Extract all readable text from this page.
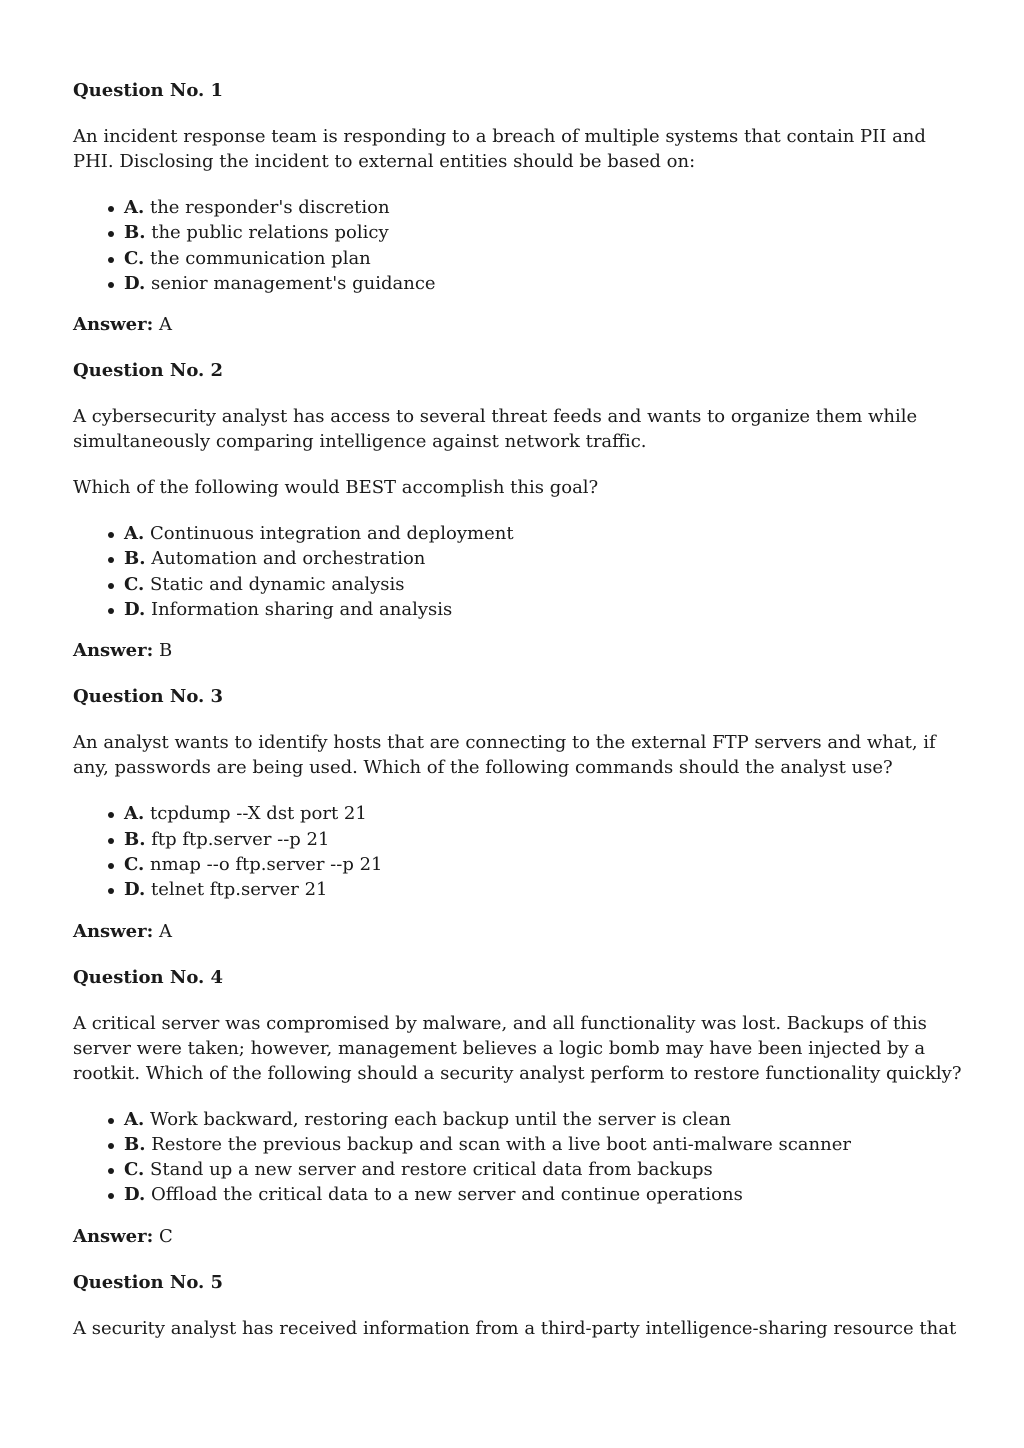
Question No. 1
An incident response team is responding to a breach of multiple systems that contain PII and PHI. Disclosing the incident to external entities should be based on:
A. the responder's discretion
B. the public relations policy
C. the communication plan
D. senior management's guidance
Answer: A
Question No. 2
A cybersecurity analyst has access to several threat feeds and wants to organize them while simultaneously comparing intelligence against network traffic.
Which of the following would BEST accomplish this goal?
A. Continuous integration and deployment
B. Automation and orchestration
C. Static and dynamic analysis
D. Information sharing and analysis
Answer: B
Question No. 3
An analyst wants to identify hosts that are connecting to the external FTP servers and what, if any, passwords are being used. Which of the following commands should the analyst use?
A. tcpdump --X dst port 21
B. ftp ftp.server --p 21
C. nmap --o ftp.server --p 21
D. telnet ftp.server 21
Answer: A
Question No. 4
A critical server was compromised by malware, and all functionality was lost. Backups of this server were taken; however, management believes a logic bomb may have been injected by a rootkit. Which of the following should a security analyst perform to restore functionality quickly?
A. Work backward, restoring each backup until the server is clean
B. Restore the previous backup and scan with a live boot anti-malware scanner
C. Stand up a new server and restore critical data from backups
D. Offload the critical data to a new server and continue operations
Answer: C
Question No. 5
A security analyst has received information from a third-party intelligence-sharing resource that
